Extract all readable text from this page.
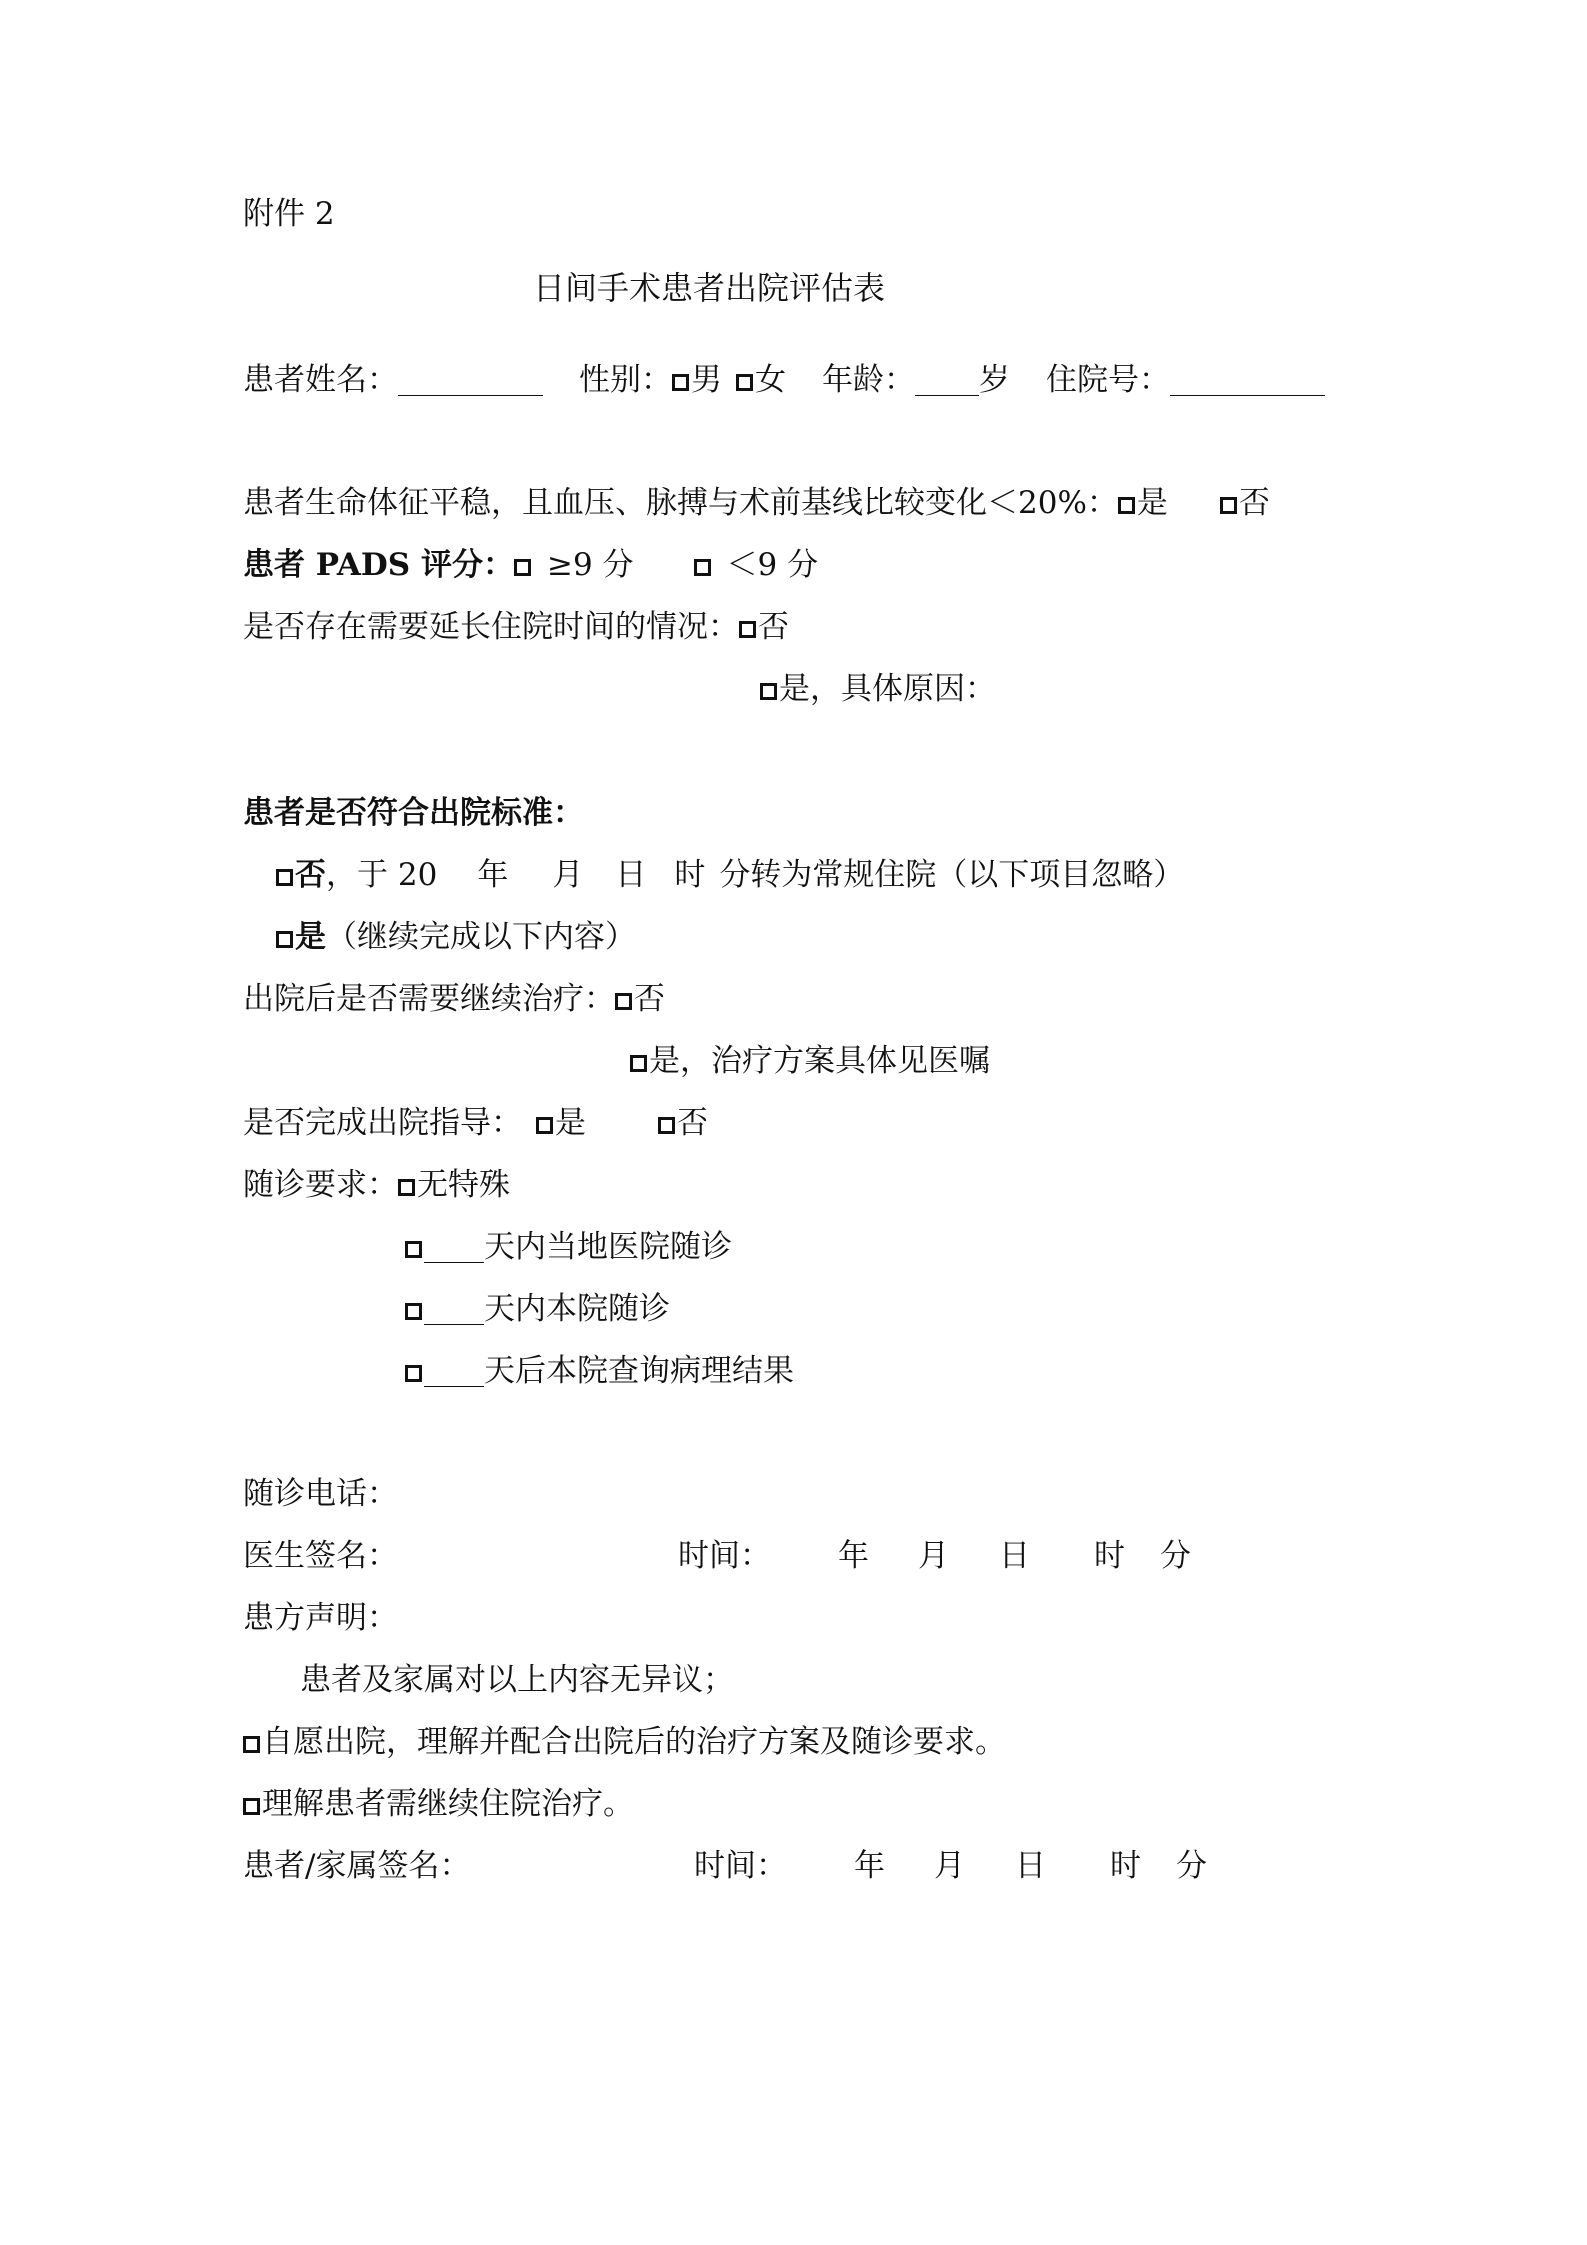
附件 2
日间手术患者出院评估表
患者姓名：	性别： 男 女 年龄： 岁 住院号：
患者生命体征平稳，且血压、脉搏与术前基线比较变化＜20%： 是 否
患者 PADS 评分： ≥9 分	＜9 分
是否存在需要延长住院时间的情况： 否
是，具体原因：
患者是否符合出院标准：
否，于 20 年 月 日 时 分转为常规住院（以下项目忽略）
是（继续完成以下内容）
出院后是否需要继续治疗： 否
是，治疗方案具体见医嘱
是否完成出院指导： 是	否
随诊要求： 无特殊
天内当地医院随诊
天内本院随诊
天后本院查询病理结果
随诊电话：
医生签名：	时间： 年 月 日 时 分
患方声明：
患者及家属对以上内容无异议；
自愿出院，理解并配合出院后的治疗方案及随诊要求。
理解患者需继续住院治疗。
患者/家属签名：	时间： 年 月 日 时 分
